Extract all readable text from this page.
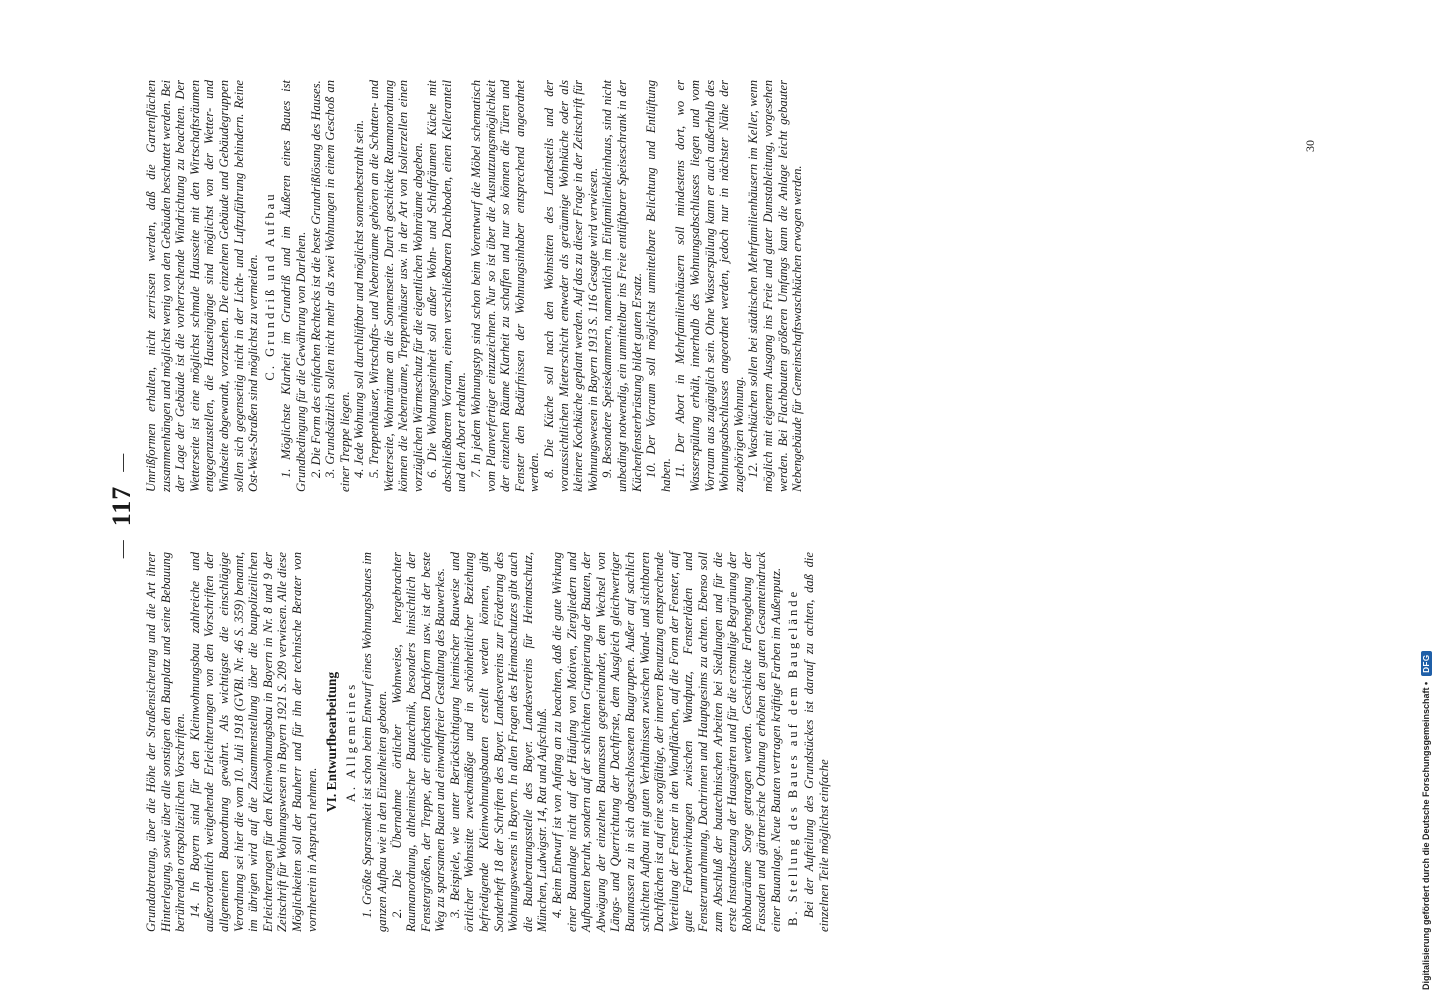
—
117
—

Grundabtretung, über die Höhe der Straßensicherung und die Art ihrer Hinterlegung, sowie über alle sonstigen den Bauplatz und seine Bebauung berührenden ortspolizeilichen Vorschriften. 14. In Bayern sind für den Kleinwohnungsbau zahlreiche und außerordentlich weitgehende Erleichterungen von den Vorschriften der allgemeinen Bauordnung gewährt. Als wichtigste die einschlägige Verordnung sei hier die vom 10. Juli 1918 (GVBl. Nr. 46 S. 359) benannt, im übrigen wird auf die Zusammenstellung über die baupolizeilichen Erleichterungen für den Kleinwohnungsbau in Bayern in Nr. 8 und 9 der Zeitschrift für Wohnungswesen in Bayern 1921 S. 209 verwiesen. Alle diese Möglichkeiten soll der Bauherr und für ihn der technische Berater von vornherein in Anspruch nehmen.

VI. Entwurfbearbeitung A. Allgemeines 1. Größte Sparsamkeit ist schon beim Entwurf eines Wohnungsbaues im ganzen Aufbau wie in den Einzelheiten geboten. 2. Die Übernahme örtlicher Wohnweise, hergebrachter Raumanordnung, altheimischer Bautechnik, besonders hinsichtlich der Fenstergrößen, der Treppe, der einfachsten Dachform usw. ist der beste Weg zu sparsamen Bauen und einwandfreier Gestaltung des Bauwerkes. 3. Beispiele, wie unter Berücksichtigung heimischer Bauweise und örtlicher Wohnsitte zweckmäßige und in schönheitlicher Beziehung befriedigende Kleinwohnungsbauten erstellt werden können, gibt Sonderheft 18 der Schriften des Bayer. Landesvereins zur Förderung des Wohnungswesens in Bayern. In allen Fragen des Heimatschutzes gibt auch die Bauberatungsstelle des Bayer. Landesvereins für Heimatschutz, München, Ludwigstr. 14, Rat und Aufschluß. 4. Beim Entwurf ist von Anfang an zu beachten, daß die gute Wirkung einer Bauanlage nicht auf der Häufung von Motiven, Ziergliedern und Aufbauten beruht, sondern auf der schlichten Gruppierung der Bauten, der Abwägung der einzelnen Baumassen gegeneinander, dem Wechsel von Längs- und Querrichtung der Dachfirste, dem Ausgleich gleichwertiger Baumassen zu in sich abgeschlossenen Baugruppen. Außer auf sachlich schlichten Aufbau mit guten Verhältnissen zwischen Wand- und sichtbaren Dachflächen ist auf eine sorgfältige, der inneren Benutzung entsprechende Verteilung der Fenster in den Wandflächen, auf die Form der Fenster, auf gute Farbenwirkungen zwischen Wandputz, Fensterläden und Fensterumrahmung, Dachrinnen und Hauptgesims zu achten. Ebenso soll zum Abschluß der bautechnischen Arbeiten bei Siedlungen und für die erste Instandsetzung der Hausgärten und für die erstmalige Begrünung der Rohbauräume Sorge getragen werden. Geschickte Farbengebung der Fassaden und gärtnerische Ordnung erhöhen den guten Gesamteindruck einer Bauanlage. Neue Bauten vertragen kräftige Farben im Außenputz. B. Stellung des Baues auf dem Baugelände Bei der Aufteilung des Grundstückes ist darauf zu achten, daß die einzelnen Teile möglichst einfache

Umrißformen erhalten, nicht zerrissen werden, daß die Gartenflächen zusammenhängen und möglichst wenig von den Gebäuden beschattet werden. Bei der Lage der Gebäude ist die vorherrschende Windrichtung zu beachten. Der Wetterseite ist eine möglichst schmale Hausseite mit den Wirtschaftsräumen entgegenzustellen, die Hauseingänge sind möglichst von der Wetter- und Windseite abgewandt, vorzusehen. Die einzelnen Gebäude und Gebäudegruppen sollen sich gegenseitig nicht in der Licht- und Luftzuführung behindern. Reine Ost-West-Straßen sind möglichst zu vermeiden. C. Grundriß und Aufbau 1. Möglichste Klarheit im Grundriß und im Äußeren eines Baues ist Grundbedingung für die Gewährung von Darlehen. 2. Die Form des einfachen Rechtecks ist die beste Grundrißlösung des Hauses. 3. Grundsätzlich sollen nicht mehr als zwei Wohnungen in einem Geschoß an einer Treppe liegen. 4. Jede Wohnung soll durchlüftbar und möglichst sonnenbestrahlt sein. 5. Treppenhäuser, Wirtschafts- und Nebenräume gehören an die Schatten- und Wetterseite, Wohnräume an die Sonnenseite. Durch geschickte Raumanordnung können die Nebenräume, Treppenhäuser usw. in der Art von Isolierzellen einen vorzüglichen Wärmeschutz für die eigentlichen Wohnräume abgeben. 6. Die Wohnungseinheit soll außer Wohn- und Schlafräumen Küche mit abschließbarem Vorraum, einen verschließbaren Dachboden, einen Kelleranteil und den Abort erhalten. 7. In jedem Wohnungstyp sind schon beim Vorentwurf die Möbel schematisch vom Planverfertiger einzuzeichnen. Nur so ist über die Ausnutzungsmöglichkeit der einzelnen Räume Klarheit zu schaffen und nur so können die Türen und Fenster den Bedürfnissen der Wohnungsinhaber entsprechend angeordnet werden. 8. Die Küche soll nach den Wohnsitten des Landesteils und der voraussichtlichen Mieterschicht entweder als geräumige Wohnküche oder als kleinere Kochküche geplant werden. Auf das zu dieser Frage in der Zeitschrift für Wohnungswesen in Bayern 1913 S. 116 Gesagte wird verwiesen. 9. Besondere Speisekammern, namentlich im Einfamilienkleinhaus, sind nicht unbedingt notwendig, ein unmittelbar ins Freie entlüftbarer Speiseschrank in der Küchenfensterbrüstung bildet guten Ersatz. 10. Der Vorraum soll möglichst unmittelbare Belichtung und Entlüftung haben. 11. Der Abort in Mehrfamilienhäusern soll mindestens dort, wo er Wasserspülung erhält, innerhalb des Wohnungsabschlusses liegen und vom Vorraum aus zugänglich sein. Ohne Wasserspülung kann er auch außerhalb des Wohnungsabschlusses angeordnet werden, jedoch nur in nächster Nähe der zugehörigen Wohnung. 12. Waschküchen sollen bei städtischen Mehrfamilienhäusern im Keller, wenn möglich mit eigenem Ausgang ins Freie und guter Dunstableitung, vorgesehen werden. Bei Flachbauten größeren Umfangs kann die Anlage leicht gebauter Nebengebäude für Gemeinschaftswaschküchen erwogen werden.

30
Digitalisierung gefördert durch die Deutsche Forschungsgemeinschaft •
DFG
